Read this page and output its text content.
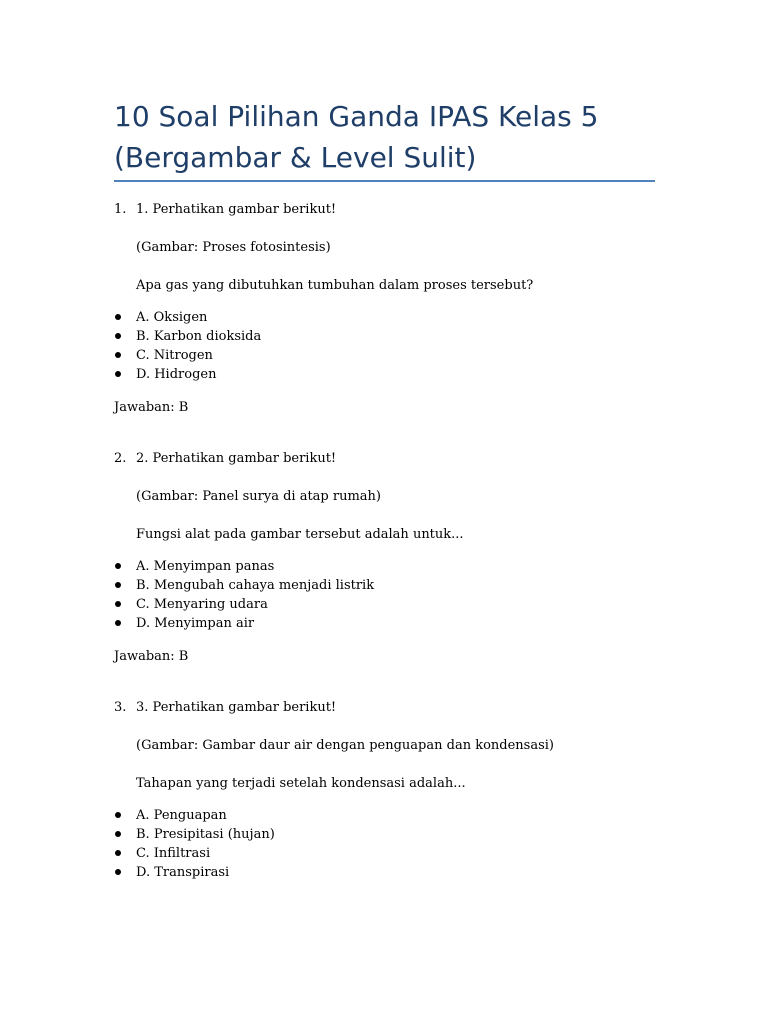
10 Soal Pilihan Ganda IPAS Kelas 5
(Bergambar & Level Sulit)
1. 1. Perhatikan gambar berikut!
(Gambar: Proses fotosintesis)
Apa gas yang dibutuhkan tumbuhan dalam proses tersebut?
A. Oksigen
B. Karbon dioksida
C. Nitrogen
D. Hidrogen
Jawaban: B
2. 2. Perhatikan gambar berikut!
(Gambar: Panel surya di atap rumah)
Fungsi alat pada gambar tersebut adalah untuk...
A. Menyimpan panas
B. Mengubah cahaya menjadi listrik
C. Menyaring udara
D. Menyimpan air
Jawaban: B
3. 3. Perhatikan gambar berikut!
(Gambar: Gambar daur air dengan penguapan dan kondensasi)
Tahapan yang terjadi setelah kondensasi adalah...
A. Penguapan
B. Presipitasi (hujan)
C. Infiltrasi
D. Transpirasi
